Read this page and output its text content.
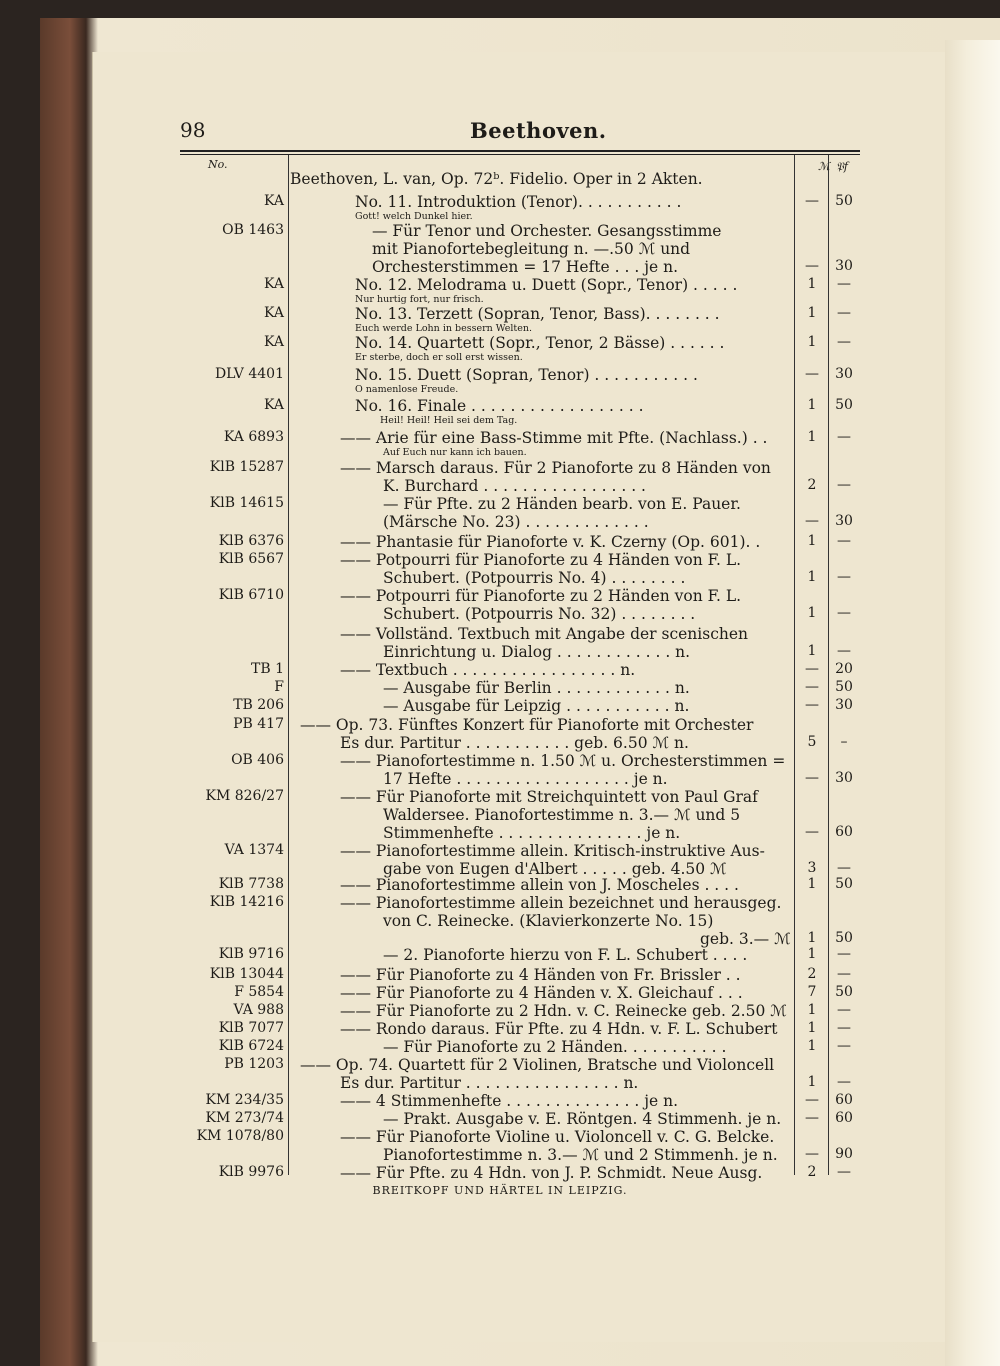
98	Beethoven.
No.	ℳ 𝔓f
Beethoven, L. van, Op. 72ᵇ. Fidelio. Oper in 2 Akten.
KA	No. 11. Introduktion (Tenor). . . . . . . . . . .	—	50
Gott! welch Dunkel hier.
OB 1463	— Für Tenor und Orchester. Gesangsstimme
mit Pianofortebegleitung n. —.50 ℳ und
Orchesterstimmen = 17 Hefte . . . je n.	—	30
KA	No. 12. Melodrama u. Duett (Sopr., Tenor) . . . . .	1	—
Nur hurtig fort, nur frisch.
KA	No. 13. Terzett (Sopran, Tenor, Bass). . . . . . . .	1	—
Euch werde Lohn in bessern Welten.
KA	No. 14. Quartett (Sopr., Tenor, 2 Bässe) . . . . . .	1	—
Er sterbe, doch er soll erst wissen.
DLV 4401	No. 15. Duett (Sopran, Tenor) . . . . . . . . . . .	—	30
O namenlose Freude.
KA	No. 16. Finale . . . . . . . . . . . . . . . . . .	1	50
Heil! Heil! Heil sei dem Tag.
KA 6893	—— Arie für eine Bass-Stimme mit Pfte. (Nachlass.) . .	1	—
Auf Euch nur kann ich bauen.
KlB 15287	—— Marsch daraus. Für 2 Pianoforte zu 8 Händen von
K. Burchard . . . . . . . . . . . . . . . . .	2	—
KlB 14615	— Für Pfte. zu 2 Händen bearb. von E. Pauer.
(Märsche No. 23) . . . . . . . . . . . . .	—	30
KlB 6376	—— Phantasie für Pianoforte v. K. Czerny (Op. 601). .	1	—
KlB 6567	—— Potpourri für Pianoforte zu 4 Händen von F. L.
Schubert. (Potpourris No. 4) . . . . . . . .	1	—
KlB 6710	—— Potpourri für Pianoforte zu 2 Händen von F. L.
Schubert. (Potpourris No. 32) . . . . . . . .	1	—
—— Vollständ. Textbuch mit Angabe der scenischen
Einrichtung u. Dialog . . . . . . . . . . . . n.	1	—
TB 1	—— Textbuch . . . . . . . . . . . . . . . . . n.	—	20
F	— Ausgabe für Berlin . . . . . . . . . . . . n.	—	50
TB 206	— Ausgabe für Leipzig . . . . . . . . . . . n.	—	30
PB 417 —— Op. 73. Fünftes Konzert für Pianoforte mit Orchester
Es dur. Partitur . . . . . . . . . . . geb. 6.50 ℳ n.	5	–
OB 406	—— Pianofortestimme n. 1.50 ℳ u. Orchesterstimmen =
17 Hefte . . . . . . . . . . . . . . . . . . je n.	—	30
KM 826/27	—— Für Pianoforte mit Streichquintett von Paul Graf
Waldersee. Pianofortestimme n. 3.— ℳ und 5
Stimmenhefte . . . . . . . . . . . . . . . je n.	—	60
VA 1374	—— Pianofortestimme allein. Kritisch-instruktive Aus-
gabe von Eugen d'Albert . . . . . geb. 4.50 ℳ	3	—
KlB 7738	—— Pianofortestimme allein von J. Moscheles . . . .	1	50
KlB 14216	—— Pianofortestimme allein bezeichnet und herausgeg.
von C. Reinecke. (Klavierkonzerte No. 15)
geb. 3.— ℳ	1	50
KlB 9716	— 2. Pianoforte hierzu von F. L. Schubert . . . .	1	—
KlB 13044	—— Für Pianoforte zu 4 Händen von Fr. Brissler . .	2	—
F 5854	—— Für Pianoforte zu 4 Händen v. X. Gleichauf . . .	7	50
VA 988	—— Für Pianoforte zu 2 Hdn. v. C. Reinecke geb. 2.50 ℳ	1	—
KlB 7077	—— Rondo daraus. Für Pfte. zu 4 Hdn. v. F. L. Schubert	1	—
KlB 6724	— Für Pianoforte zu 2 Händen. . . . . . . . . . .	1	—
PB 1203 —— Op. 74. Quartett für 2 Violinen, Bratsche und Violoncell
Es dur. Partitur . . . . . . . . . . . . . . . . n.	1	—
KM 234/35	—— 4 Stimmenhefte . . . . . . . . . . . . . . je n.	—	60
KM 273/74	— Prakt. Ausgabe v. E. Röntgen. 4 Stimmenh. je n.	—	60
KM 1078/80	—— Für Pianoforte Violine u. Violoncell v. C. G. Belcke.
Pianofortestimme n. 3.— ℳ und 2 Stimmenh. je n.	—	90
KlB 9976	—— Für Pfte. zu 4 Hdn. von J. P. Schmidt. Neue Ausg.	2	—
BREITKOPF UND HÄRTEL IN LEIPZIG.
